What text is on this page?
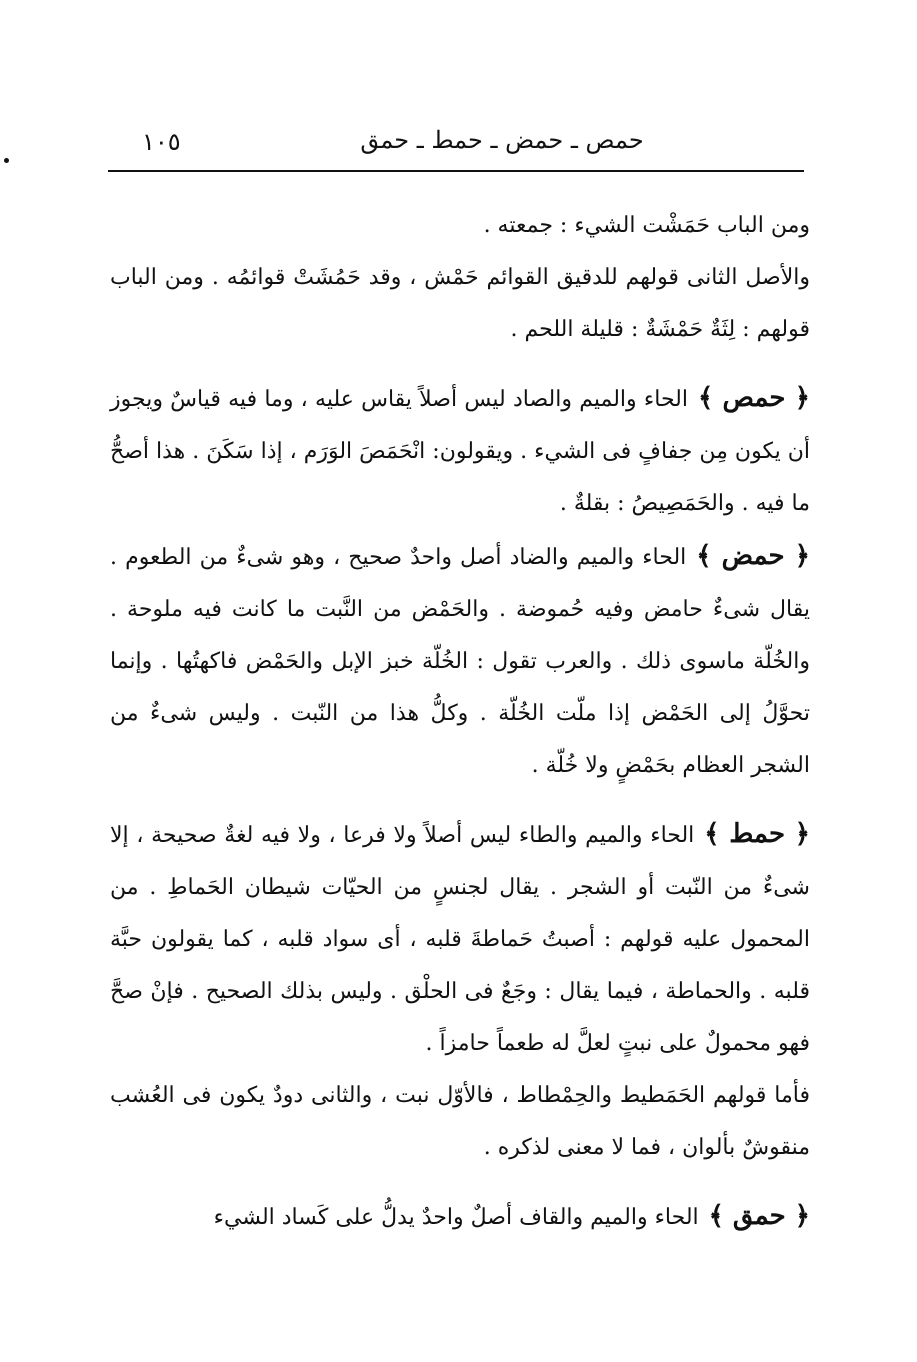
١٠٥	حمص ـ حمض ـ حمط ـ حمق

ومن الباب حَمَشْت الشيء : جمعته .

والأصل الثانى قولهم للدقيق القوائم حَمْش ، وقد حَمُشَتْ قوائمُه . ومن الباب قولهم : لِثَةٌ حَمْشَةٌ : قليلة اللحم .

﴿ حمص ﴾الحاء والميم والصاد ليس أصلاً يقاس عليه ، وما فيه قياسٌ ويجوز أن يكون مِن جفافٍ فى الشيء . ويقولون: انْحَمَصَ الوَرَم ، إذا سَكَنَ . هذا أصحُّ ما فيه . والحَمَصِيصُ : بقلةٌ .

﴿ حمض ﴾الحاء والميم والضاد أصل واحدٌ صحيح ، وهو شىءٌ من الطعوم . يقال شىءٌ حامض وفيه حُموضة . والحَمْض من النَّبت ما كانت فيه ملوحة . والخُلّة ماسوى ذلك . والعرب تقول : الخُلّة خبز الإبل والحَمْض فاكهتُها . وإنما تحوَّلُ إلى الحَمْض إذا ملّت الخُلّة . وكلُّ هذا من النّبت . وليس شىءٌ من الشجر العظام بحَمْضٍ ولا خُلّة .

﴿ حمط ﴾الحاء والميم والطاء ليس أصلاً ولا فرعا ، ولا فيه لغةٌ صحيحة ، إلا شىءٌ من النّبت أو الشجر . يقال لجنسٍ من الحيّات شيطان الحَماطِ . من المحمول عليه قولهم : أصبتُ حَماطةَ قلبه ، أى سواد قلبه ، كما يقولون حبَّة قلبه . والحماطة ، فيما يقال : وجَعٌ فى الحلْق . وليس بذلك الصحيح . فإنْ صحَّ فهو محمولٌ على نبتٍ لعلَّ له طعماً حامزاً .

فأما قولهم الحَمَطيط والحِمْطاط ، فالأوّل نبت ، والثانى دودٌ يكون فى العُشب منقوشٌ بألوان ، فما لا معنى لذكره .

﴿ حمق ﴾الحاء والميم والقاف أصلٌ واحدٌ يدلُّ على كَساد الشيء
